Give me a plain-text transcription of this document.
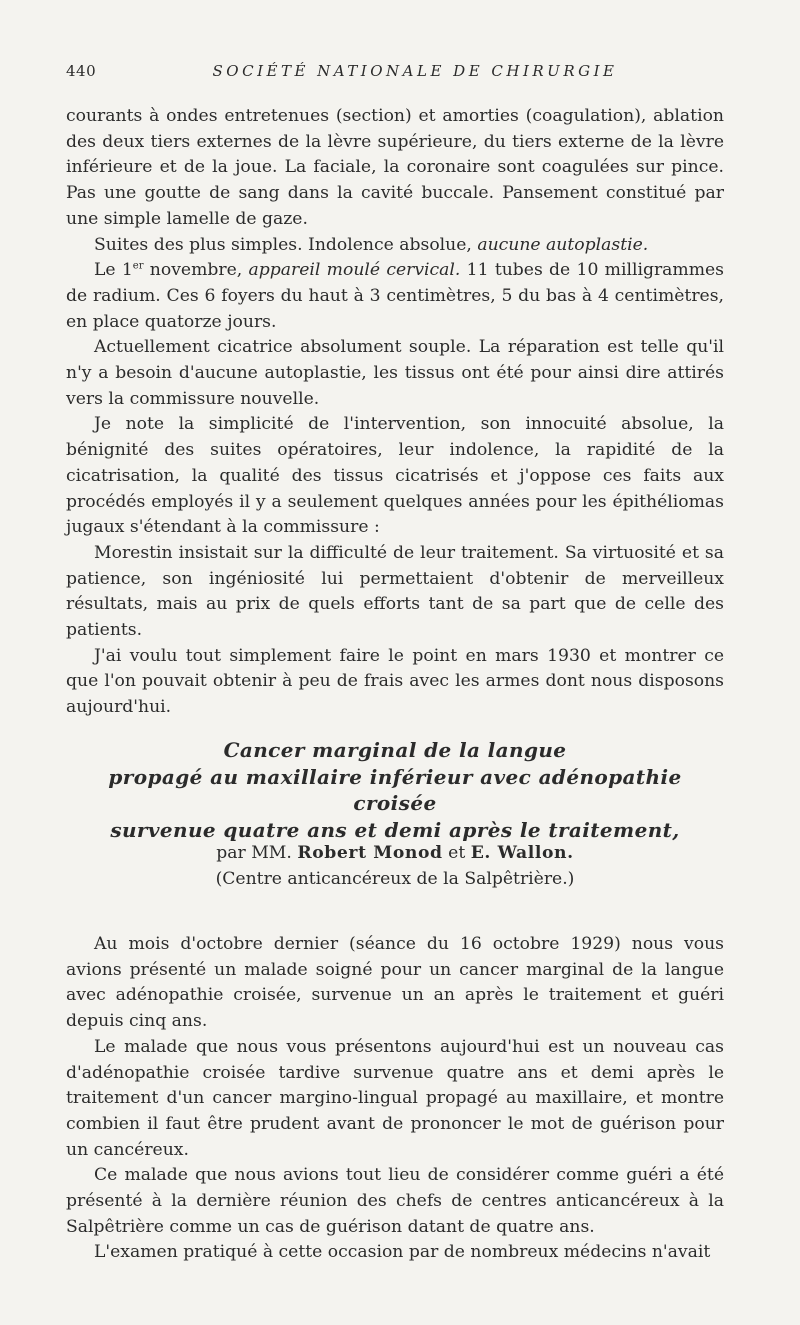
440	SOCIÉTÉ NATIONALE DE CHIRURGIE

courants à ondes entretenues (section) et amorties (coagulation), ablation des deux tiers externes de la lèvre supérieure, du tiers externe de la lèvre inférieure et de la joue. La faciale, la coronaire sont coagulées sur pince. Pas une goutte de sang dans la cavité buccale. Pansement constitué par une simple lamelle de gaze.

Suites des plus simples. Indolence absolue, aucune autoplastie.

Le 1er novembre, appareil moulé cervical. 11 tubes de 10 milligrammes de radium. Ces 6 foyers du haut à 3 centimètres, 5 du bas à 4 centimètres, en place quatorze jours.

Actuellement cicatrice absolument souple. La réparation est telle qu'il n'y a besoin d'aucune autoplastie, les tissus ont été pour ainsi dire attirés vers la commissure nouvelle.

Je note la simplicité de l'intervention, son innocuité absolue, la bénignité des suites opératoires, leur indolence, la rapidité de la cicatrisation, la qualité des tissus cicatrisés et j'oppose ces faits aux procédés employés il y a seulement quelques années pour les épithéliomas jugaux s'étendant à la commissure :

Morestin insistait sur la difficulté de leur traitement. Sa virtuosité et sa patience, son ingéniosité lui permettaient d'obtenir de merveilleux résultats, mais au prix de quels efforts tant de sa part que de celle des patients.

J'ai voulu tout simplement faire le point en mars 1930 et montrer ce que l'on pouvait obtenir à peu de frais avec les armes dont nous disposons aujourd'hui.

Cancer marginal de la langue
propagé au maxillaire inférieur avec adénopathie croisée
survenue quatre ans et demi après le traitement,
par MM. Robert Monod et E. Wallon.
(Centre anticancéreux de la Salpêtrière.)

Au mois d'octobre dernier (séance du 16 octobre 1929) nous vous avions présenté un malade soigné pour un cancer marginal de la langue avec adénopathie croisée, survenue un an après le traitement et guéri depuis cinq ans.

Le malade que nous vous présentons aujourd'hui est un nouveau cas d'adénopathie croisée tardive survenue quatre ans et demi après le traitement d'un cancer margino-lingual propagé au maxillaire, et montre combien il faut être prudent avant de prononcer le mot de guérison pour un cancéreux.

Ce malade que nous avions tout lieu de considérer comme guéri a été présenté à la dernière réunion des chefs de centres anticancéreux à la Salpêtrière comme un cas de guérison datant de quatre ans.

L'examen pratiqué à cette occasion par de nombreux médecins n'avait
